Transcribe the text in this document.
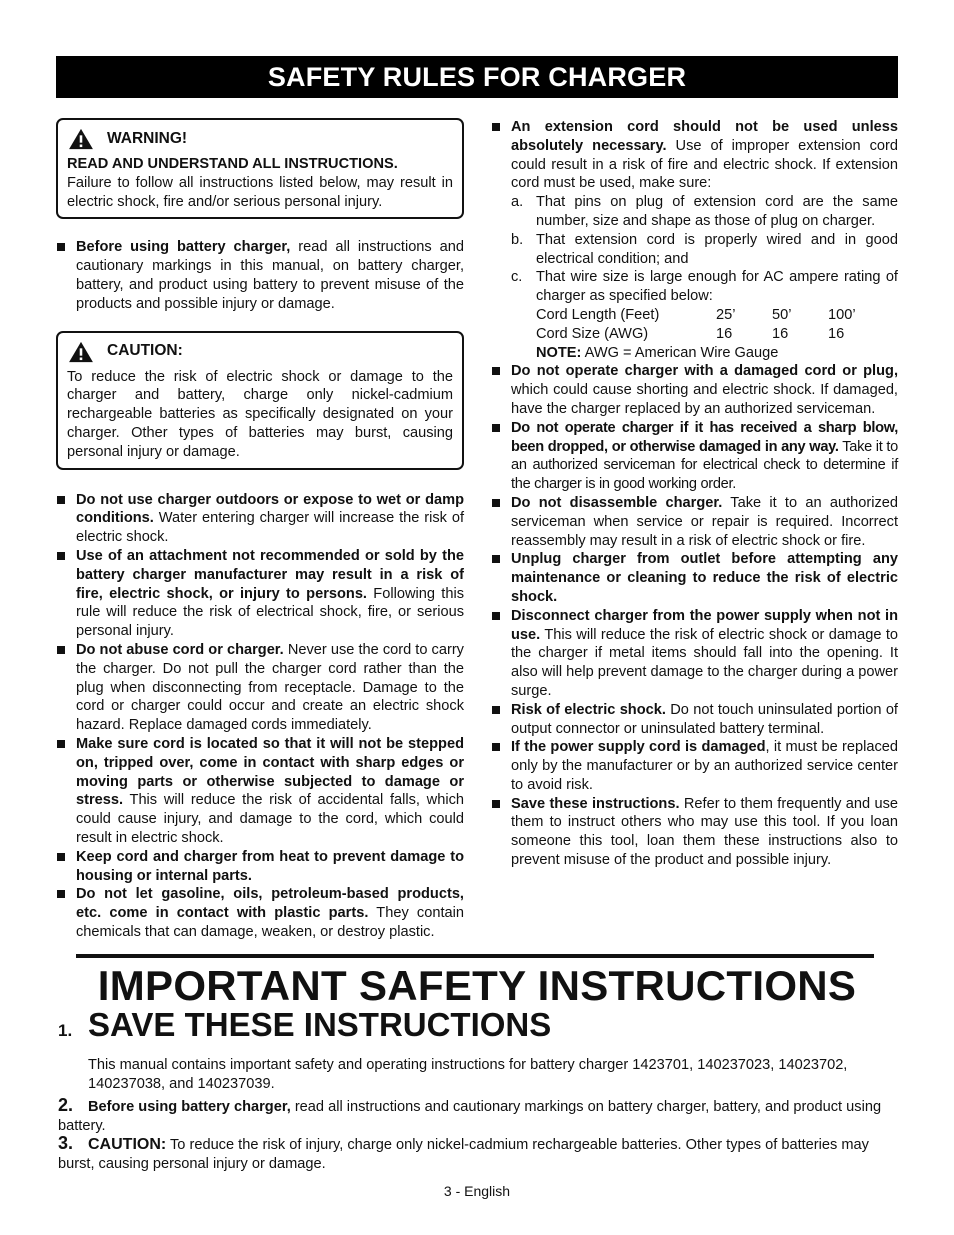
SAFETY RULES FOR CHARGER
WARNING!
READ AND UNDERSTAND ALL INSTRUCTIONS.
Failure to follow all instructions listed below, may result in electric shock, fire and/or serious personal injury.
Before using battery charger, read all instructions and cautionary markings in this manual, on battery charger, battery, and product using battery to prevent misuse of the products and possible injury or damage.
CAUTION:
To reduce the risk of electric shock or damage to the charger and battery, charge only nickel-cadmium rechargeable batteries as specifically designated on your charger. Other types of batteries may burst, causing personal injury or damage.
Do not use charger outdoors or expose to wet or damp conditions. Water entering charger will increase the risk of electric shock.
Use of an attachment not recommended or sold by the battery charger manufacturer may result in a risk of fire, electric shock, or injury to persons. Following this rule will reduce the risk of electrical shock, fire, or serious personal injury.
Do not abuse cord or charger. Never use the cord to carry the charger. Do not pull the charger cord rather than the plug when disconnecting from receptacle. Damage to the cord or charger could occur and create an electric shock hazard. Replace damaged cords immediately.
Make sure cord is located so that it will not be stepped on, tripped over, come in contact with sharp edges or moving parts or otherwise subjected to damage or stress. This will reduce the risk of accidental falls, which could cause injury, and damage to the cord, which could result in electric shock.
Keep cord and charger from heat to prevent damage to housing or internal parts.
Do not let gasoline, oils, petroleum-based products, etc. come in contact with plastic parts. They contain chemicals that can damage, weaken, or destroy plastic.
An extension cord should not be used unless absolutely necessary. Use of improper extension cord could result in a risk of fire and electric shock. If extension cord must be used, make sure:
a. That pins on plug of extension cord are the same number, size and shape as those of plug on charger.
b. That extension cord is properly wired and in good electrical condition; and
c. That wire size is large enough for AC ampere rating of charger as specified below:
Cord Length (Feet)	25’	50’	100’
Cord Size (AWG)	16	16	16
NOTE: AWG = American Wire Gauge
Do not operate charger with a damaged cord or plug, which could cause shorting and electric shock. If damaged, have the charger replaced by an authorized serviceman.
Do not operate charger if it has received a sharp blow, been dropped, or otherwise damaged in any way. Take it to an authorized serviceman for electrical check to determine if the charger is in good working order.
Do not disassemble charger. Take it to an authorized serviceman when service or repair is required. Incorrect reassembly may result in a risk of electric shock or fire.
Unplug charger from outlet before attempting any maintenance or cleaning to reduce the risk of electric shock.
Disconnect charger from the power supply when not in use. This will reduce the risk of electric shock or damage to the charger if metal items should fall into the opening. It also will help prevent damage to the charger during a power surge.
Risk of electric shock. Do not touch uninsulated portion of output connector or uninsulated battery terminal.
If the power supply cord is damaged, it must be replaced only by the manufacturer or by an authorized service center to avoid risk.
Save these instructions. Refer to them frequently and use them to instruct others who may use this tool. If you loan someone this tool, loan them these instructions also to prevent misuse of the product and possible injury.
IMPORTANT SAFETY INSTRUCTIONS
1. SAVE THESE INSTRUCTIONS
This manual contains important safety and operating instructions for battery charger 1423701, 140237023, 14023702, 140237038, and 140237039.
2. Before using battery charger, read all instructions and cautionary markings on battery charger, battery, and product using battery.
3. CAUTION: To reduce the risk of injury, charge only nickel-cadmium rechargeable batteries. Other types of batteries may burst, causing personal injury or damage.
3 - English
